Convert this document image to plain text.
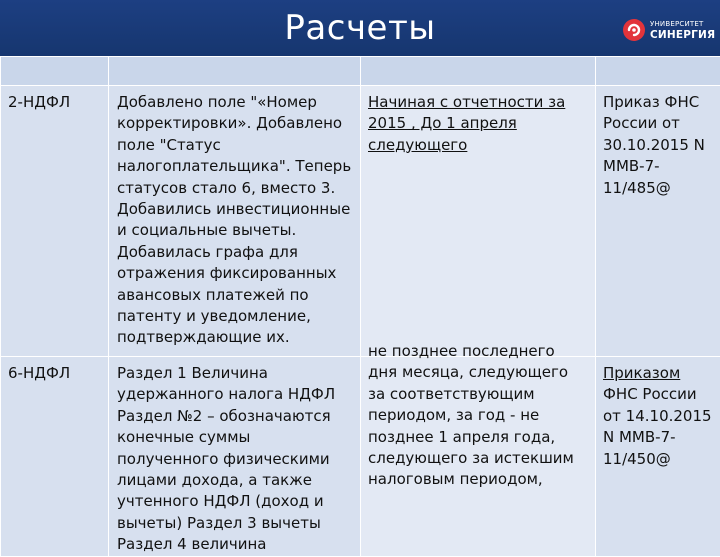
Расчеты	УНИВЕРСИТЕТ
СИНЕРГИЯ

2-НДФЛ	Добавлено поле "«Номер корректировки». Добавлено поле "Статус налогоплательщика". Теперь статусов стало 6, вместо 3. Добавились инвестиционные и социальные вычеты. Добавилась графа для отражения фиксированных авансовых платежей по патенту и уведомление, подтверждающие их.	Начиная с отчетности за 2015 , До 1 апреля следующего	Приказ ФНС России от 30.10.2015 N ММВ-7-11/485@

6-НДФЛ	Раздел 1 Величина удержанного налога НДФЛ Раздел №2 – обозначаются конечные суммы полученного физическими лицами дохода, а также учтенного НДФЛ (доход и вычеты) Раздел 3 вычеты Раздел 4 величина	не позднее последнего дня месяца, следующего за соответствующим периодом, за год - не позднее 1 апреля года, следующего за истекшим налоговым периодом,	Приказом
ФНС России от 14.10.2015 N ММВ-7-11/450@
